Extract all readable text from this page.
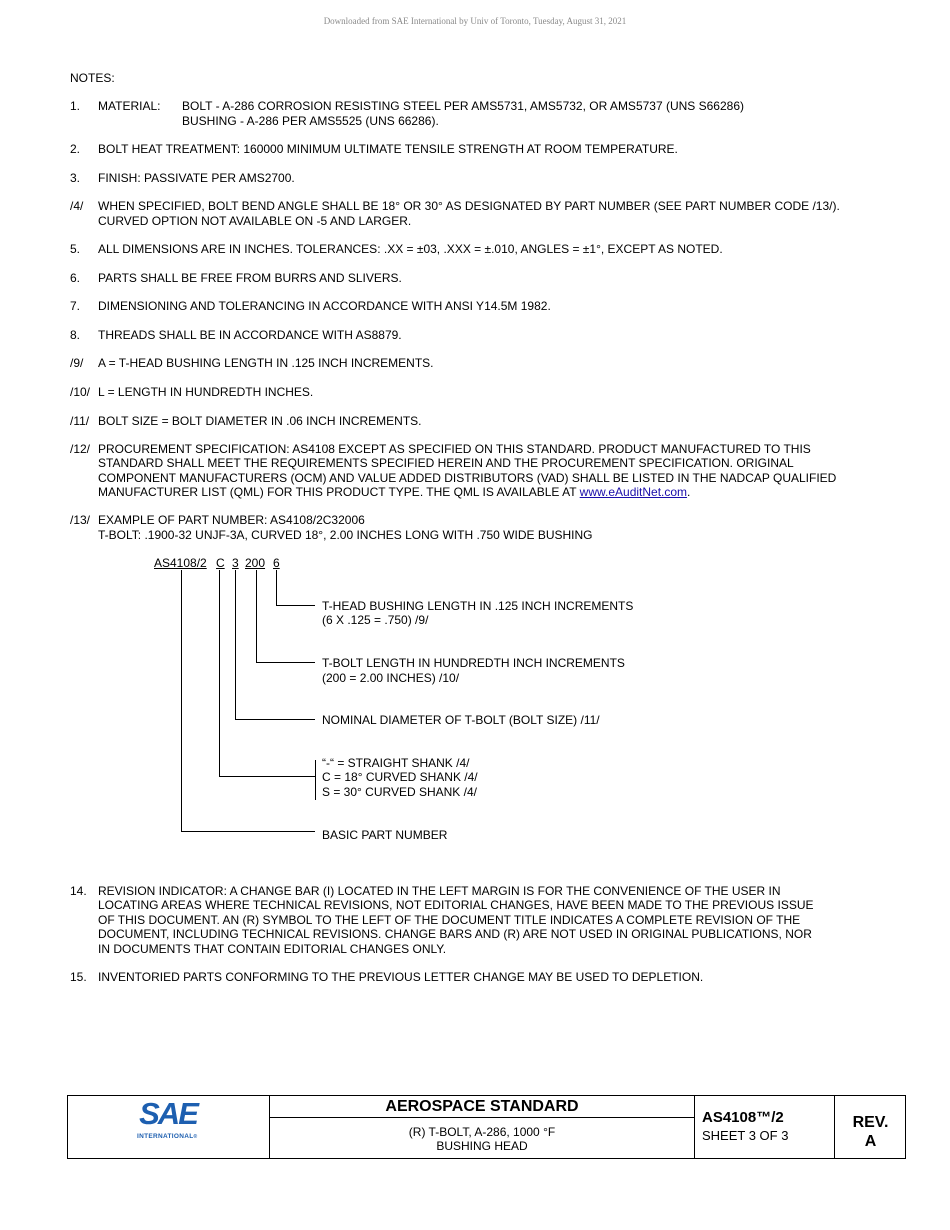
Downloaded from SAE International by Univ of Toronto, Tuesday, August 31, 2021
NOTES:
1. MATERIAL: BOLT - A-286 CORROSION RESISTING STEEL PER AMS5731, AMS5732, OR AMS5737 (UNS S66286)
BUSHING - A-286 PER AMS5525 (UNS 66286).
2. BOLT HEAT TREATMENT: 160000 MINIMUM ULTIMATE TENSILE STRENGTH AT ROOM TEMPERATURE.
3. FINISH: PASSIVATE PER AMS2700.
/4/ WHEN SPECIFIED, BOLT BEND ANGLE SHALL BE 18° OR 30° AS DESIGNATED BY PART NUMBER (SEE PART NUMBER CODE /13/).
CURVED OPTION NOT AVAILABLE ON -5 AND LARGER.
5. ALL DIMENSIONS ARE IN INCHES. TOLERANCES: .XX = ±03, .XXX = ±.010, ANGLES = ±1°, EXCEPT AS NOTED.
6. PARTS SHALL BE FREE FROM BURRS AND SLIVERS.
7. DIMENSIONING AND TOLERANCING IN ACCORDANCE WITH ANSI Y14.5M 1982.
8. THREADS SHALL BE IN ACCORDANCE WITH AS8879.
/9/ A = T-HEAD BUSHING LENGTH IN .125 INCH INCREMENTS.
/10/ L = LENGTH IN HUNDREDTH INCHES.
/11/ BOLT SIZE = BOLT DIAMETER IN .06 INCH INCREMENTS.
/12/ PROCUREMENT SPECIFICATION: AS4108 EXCEPT AS SPECIFIED ON THIS STANDARD. PRODUCT MANUFACTURED TO THIS
STANDARD SHALL MEET THE REQUIREMENTS SPECIFIED HEREIN AND THE PROCUREMENT SPECIFICATION. ORIGINAL
COMPONENT MANUFACTURERS (OCM) AND VALUE ADDED DISTRIBUTORS (VAD) SHALL BE LISTED IN THE NADCAP QUALIFIED
MANUFACTURER LIST (QML) FOR THIS PRODUCT TYPE. THE QML IS AVAILABLE AT www.eAuditNet.com.
/13/ EXAMPLE OF PART NUMBER: AS4108/2C32006
T-BOLT: .1900-32 UNJF-3A, CURVED 18°, 2.00 INCHES LONG WITH .750 WIDE BUSHING
AS4108/2 C 3 200 6
T-HEAD BUSHING LENGTH IN .125 INCH INCREMENTS
(6 X .125 = .750) /9/
T-BOLT LENGTH IN HUNDREDTH INCH INCREMENTS
(200 = 2.00 INCHES) /10/
NOMINAL DIAMETER OF T-BOLT (BOLT SIZE) /11/
“-“ = STRAIGHT SHANK /4/
C = 18° CURVED SHANK /4/
S = 30° CURVED SHANK /4/
BASIC PART NUMBER
14. REVISION INDICATOR: A CHANGE BAR (I) LOCATED IN THE LEFT MARGIN IS FOR THE CONVENIENCE OF THE USER IN
LOCATING AREAS WHERE TECHNICAL REVISIONS, NOT EDITORIAL CHANGES, HAVE BEEN MADE TO THE PREVIOUS ISSUE
OF THIS DOCUMENT. AN (R) SYMBOL TO THE LEFT OF THE DOCUMENT TITLE INDICATES A COMPLETE REVISION OF THE
DOCUMENT, INCLUDING TECHNICAL REVISIONS. CHANGE BARS AND (R) ARE NOT USED IN ORIGINAL PUBLICATIONS, NOR
IN DOCUMENTS THAT CONTAIN EDITORIAL CHANGES ONLY.
15. INVENTORIED PARTS CONFORMING TO THE PREVIOUS LETTER CHANGE MAY BE USED TO DEPLETION.
SAE
INTERNATIONAL®
AEROSPACE STANDARD
(R) T-BOLT, A-286, 1000 °F
BUSHING HEAD
AS4108™/2
SHEET 3 OF 3
REV.
A
